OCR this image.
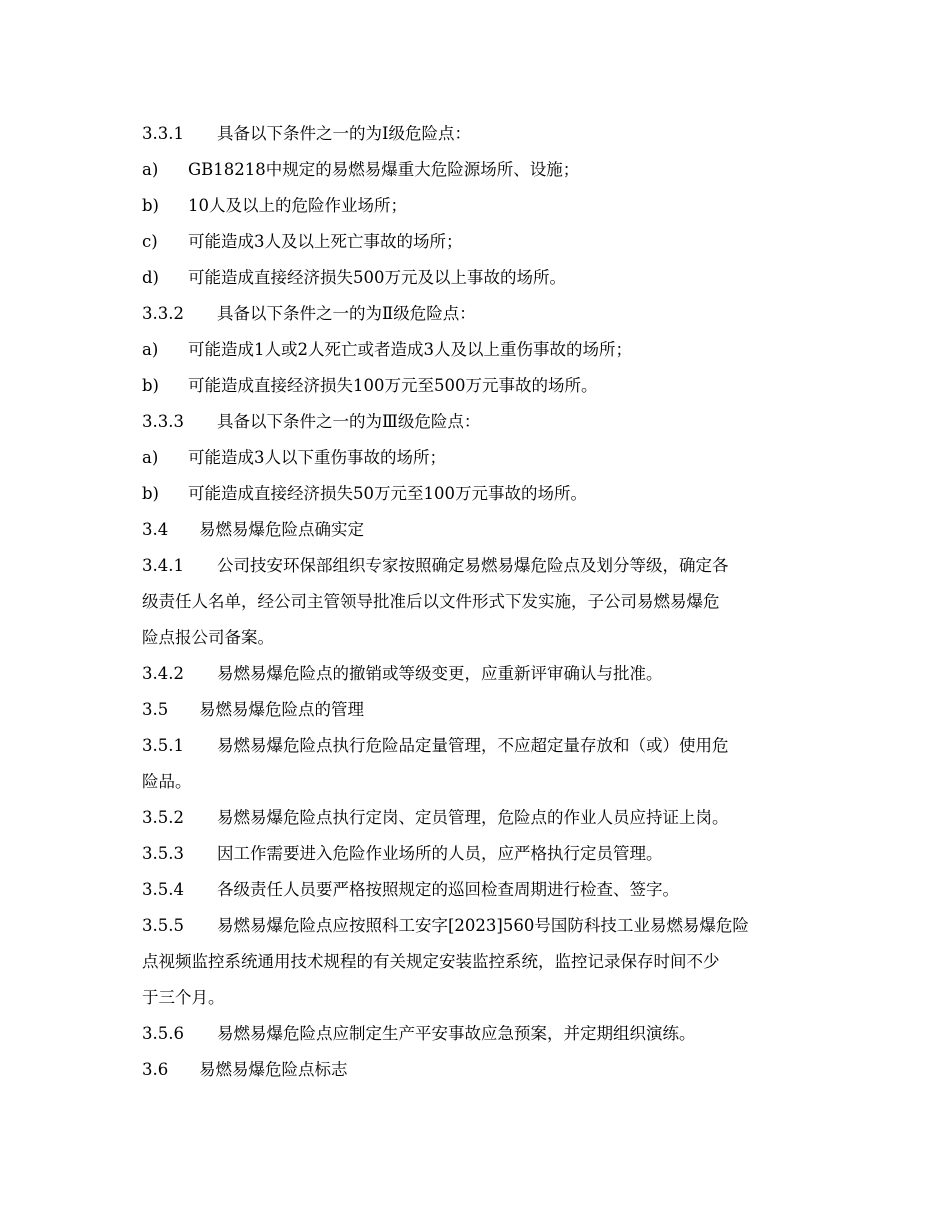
3.3.1 具备以下条件之一的为Ⅰ级危险点：
a) GB18218中规定的易燃易爆重大危险源场所、设施；
b) 10人及以上的危险作业场所；
c) 可能造成3人及以上死亡事故的场所；
d) 可能造成直接经济损失500万元及以上事故的场所。
3.3.2 具备以下条件之一的为Ⅱ级危险点：
a) 可能造成1人或2人死亡或者造成3人及以上重伤事故的场所；
b) 可能造成直接经济损失100万元至500万元事故的场所。
3.3.3 具备以下条件之一的为Ⅲ级危险点：
a) 可能造成3人以下重伤事故的场所；
b) 可能造成直接经济损失50万元至100万元事故的场所。
3.4 易燃易爆危险点确实定
3.4.1 公司技安环保部组织专家按照确定易燃易爆危险点及划分等级，确定各
级责任人名单，经公司主管领导批准后以文件形式下发实施，子公司易燃易爆危
险点报公司备案。
3.4.2 易燃易爆危险点的撤销或等级变更，应重新评审确认与批准。
3.5 易燃易爆危险点的管理
3.5.1 易燃易爆危险点执行危险品定量管理，不应超定量存放和（或）使用危
险品。
3.5.2 易燃易爆危险点执行定岗、定员管理，危险点的作业人员应持证上岗。
3.5.3 因工作需要进入危险作业场所的人员，应严格执行定员管理。
3.5.4 各级责任人员要严格按照规定的巡回检查周期进行检查、签字。
3.5.5 易燃易爆危险点应按照科工安字[2023]560号国防科技工业易燃易爆危险
点视频监控系统通用技术规程的有关规定安装监控系统，监控记录保存时间不少
于三个月。
3.5.6 易燃易爆危险点应制定生产平安事故应急预案，并定期组织演练。
3.6 易燃易爆危险点标志
